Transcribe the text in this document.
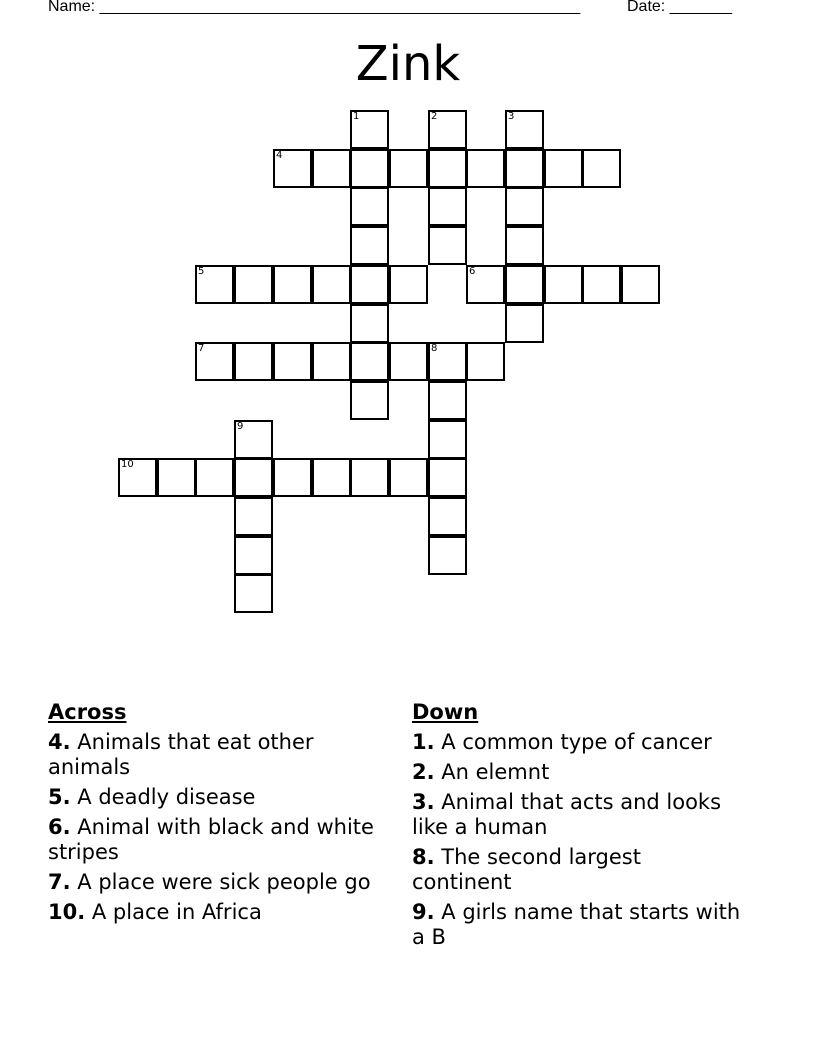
Name: ______________________________________________________	Date: _______
Zink
1	2	3
4
5	6
7	8
9
10
Across
4. Animals that eat other animals
5. A deadly disease
6. Animal with black and white stripes
7. A place were sick people go
10. A place in Africa
Down
1. A common type of cancer
2. An elemnt
3. Animal that acts and looks like a human
8. The second largest continent
9. A girls name that starts with a B
